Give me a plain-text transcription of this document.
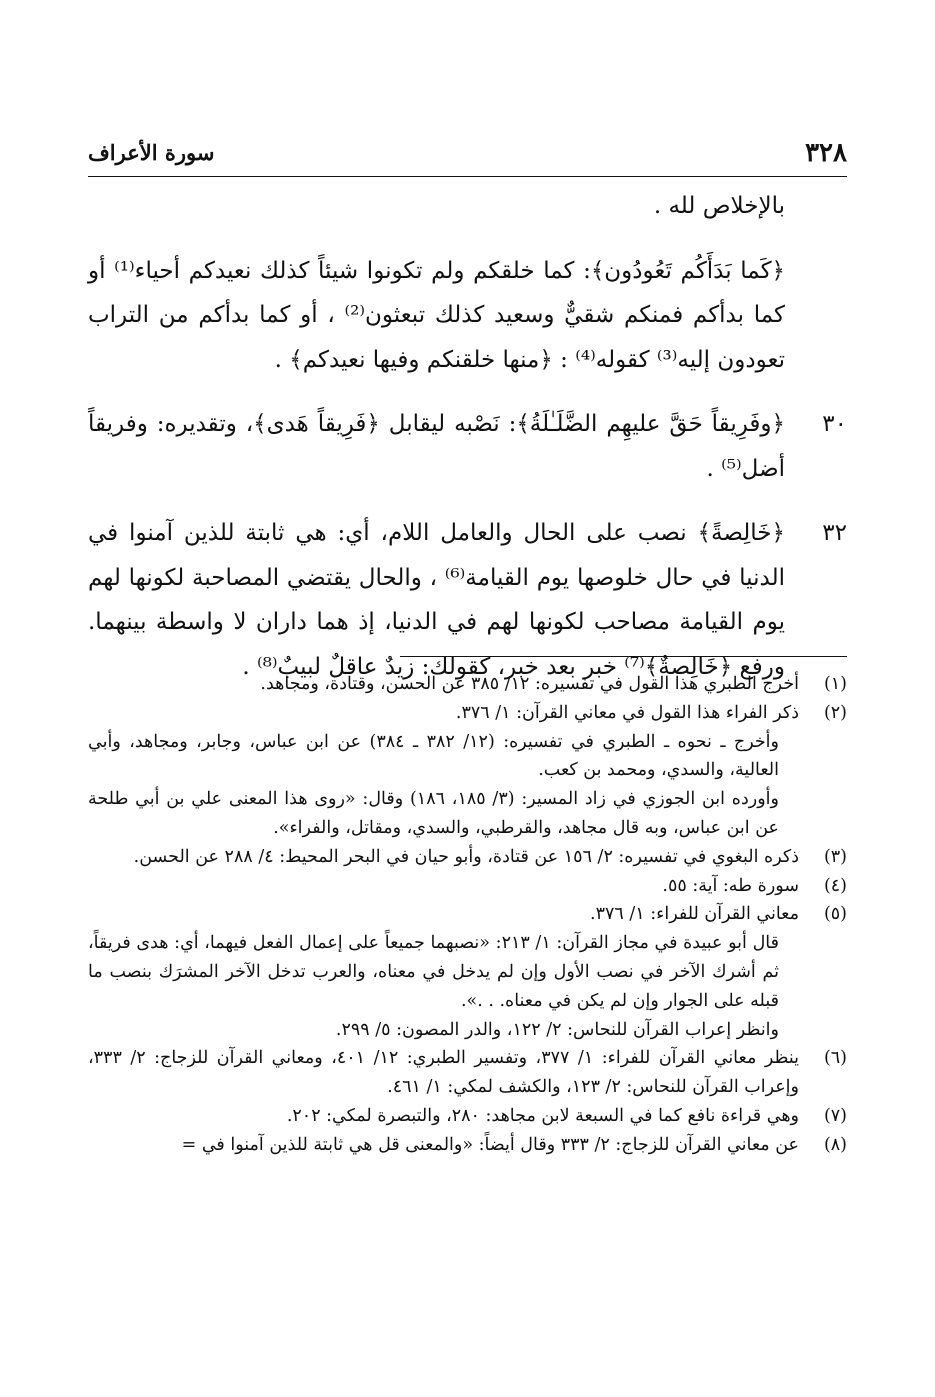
٣٢٨
سورة الأعراف

بالإخلاص لله .

﴿كَما بَدَأَكُم تَعُودُون﴾: كما خلقكم ولم تكونوا شيئاً كذلك نعيدكم أحياء⁽¹⁾ أو كما بدأكم فمنكم شقيٌّ وسعيد كذلك تبعثون⁽²⁾ ، أو كما بدأكم من التراب تعودون إليه⁽³⁾ كقوله⁽⁴⁾ : ﴿منها خلقنكم وفيها نعيدكم﴾ .

٣٠

﴿وفَرِيقاً حَقَّ عليهِم الضَّلَـٰلَةُ﴾: نَصْبه ليقابل ﴿فَرِيقاً هَدى﴾، وتقديره: وفريقاً أضل⁽⁵⁾ .

٣٢

﴿خَالِصةً﴾ نصب على الحال والعامل اللام، أي: هي ثابتة للذين آمنوا في الدنيا في حال خلوصها يوم القيامة⁽⁶⁾ ، والحال يقتضي المصاحبة لكونها لهم يوم القيامة مصاحب لكونها لهم في الدنيا، إذ هما داران لا واسطة بينهما. ورفع ﴿خَالِصةٌ﴾⁽⁷⁾ خبر بعد خبر، كقولك: زيدٌ عاقلٌ لبيبٌ⁽⁸⁾ .

(١)

أخرج الطبري هذا القول في تفسيره: ١٢/ ٣٨٥ عن الحسن، وقتادة، ومجاهد.

(٢)

ذكر الفراء هذا القول في معاني القرآن: ١/ ٣٧٦.

وأخرج ـ نحوه ـ الطبري في تفسيره: (١٢/ ٣٨٢ ـ ٣٨٤) عن ابن عباس، وجابر، ومجاهد، وأبي العالية، والسدي، ومحمد بن كعب.

وأورده ابن الجوزي في زاد المسير: (٣/ ١٨٥، ١٨٦) وقال: «روى هذا المعنى علي بن أبي طلحة عن ابن عباس، وبه قال مجاهد، والقرطبي، والسدي، ومقاتل، والفراء».

(٣)

ذكره البغوي في تفسيره: ٢/ ١٥٦ عن قتادة، وأبو حيان في البحر المحيط: ٤/ ٢٨٨ عن الحسن.

(٤)

سورة طه: آية: ٥٥.

(٥)

معاني القرآن للفراء: ١/ ٣٧٦.

قال أبو عبيدة في مجاز القرآن: ١/ ٢١٣: «نصبهما جميعاً على إعمال الفعل فيهما، أي: هدى فريقاً، ثم أشرك الآخر في نصب الأول وإن لم يدخل في معناه، والعرب تدخل الآخر المشرَك بنصب ما قبله على الجوار وإن لم يكن في معناه. . .».

وانظر إعراب القرآن للنحاس: ٢/ ١٢٢، والدر المصون: ٥/ ٢٩٩.

(٦)

ينظر معاني القرآن للفراء: ١/ ٣٧٧، وتفسير الطبري: ١٢/ ٤٠١، ومعاني القرآن للزجاج: ٢/ ٣٣٣، وإعراب القرآن للنحاس: ٢/ ١٢٣، والكشف لمكي: ١/ ٤٦١.

(٧)

وهي قراءة نافع كما في السبعة لابن مجاهد: ٢٨٠، والتبصرة لمكي: ٢٠٢.

(٨)

عن معاني القرآن للزجاج: ٢/ ٣٣٣ وقال أيضاً: «والمعنى قل هي ثابتة للذين آمنوا في =
